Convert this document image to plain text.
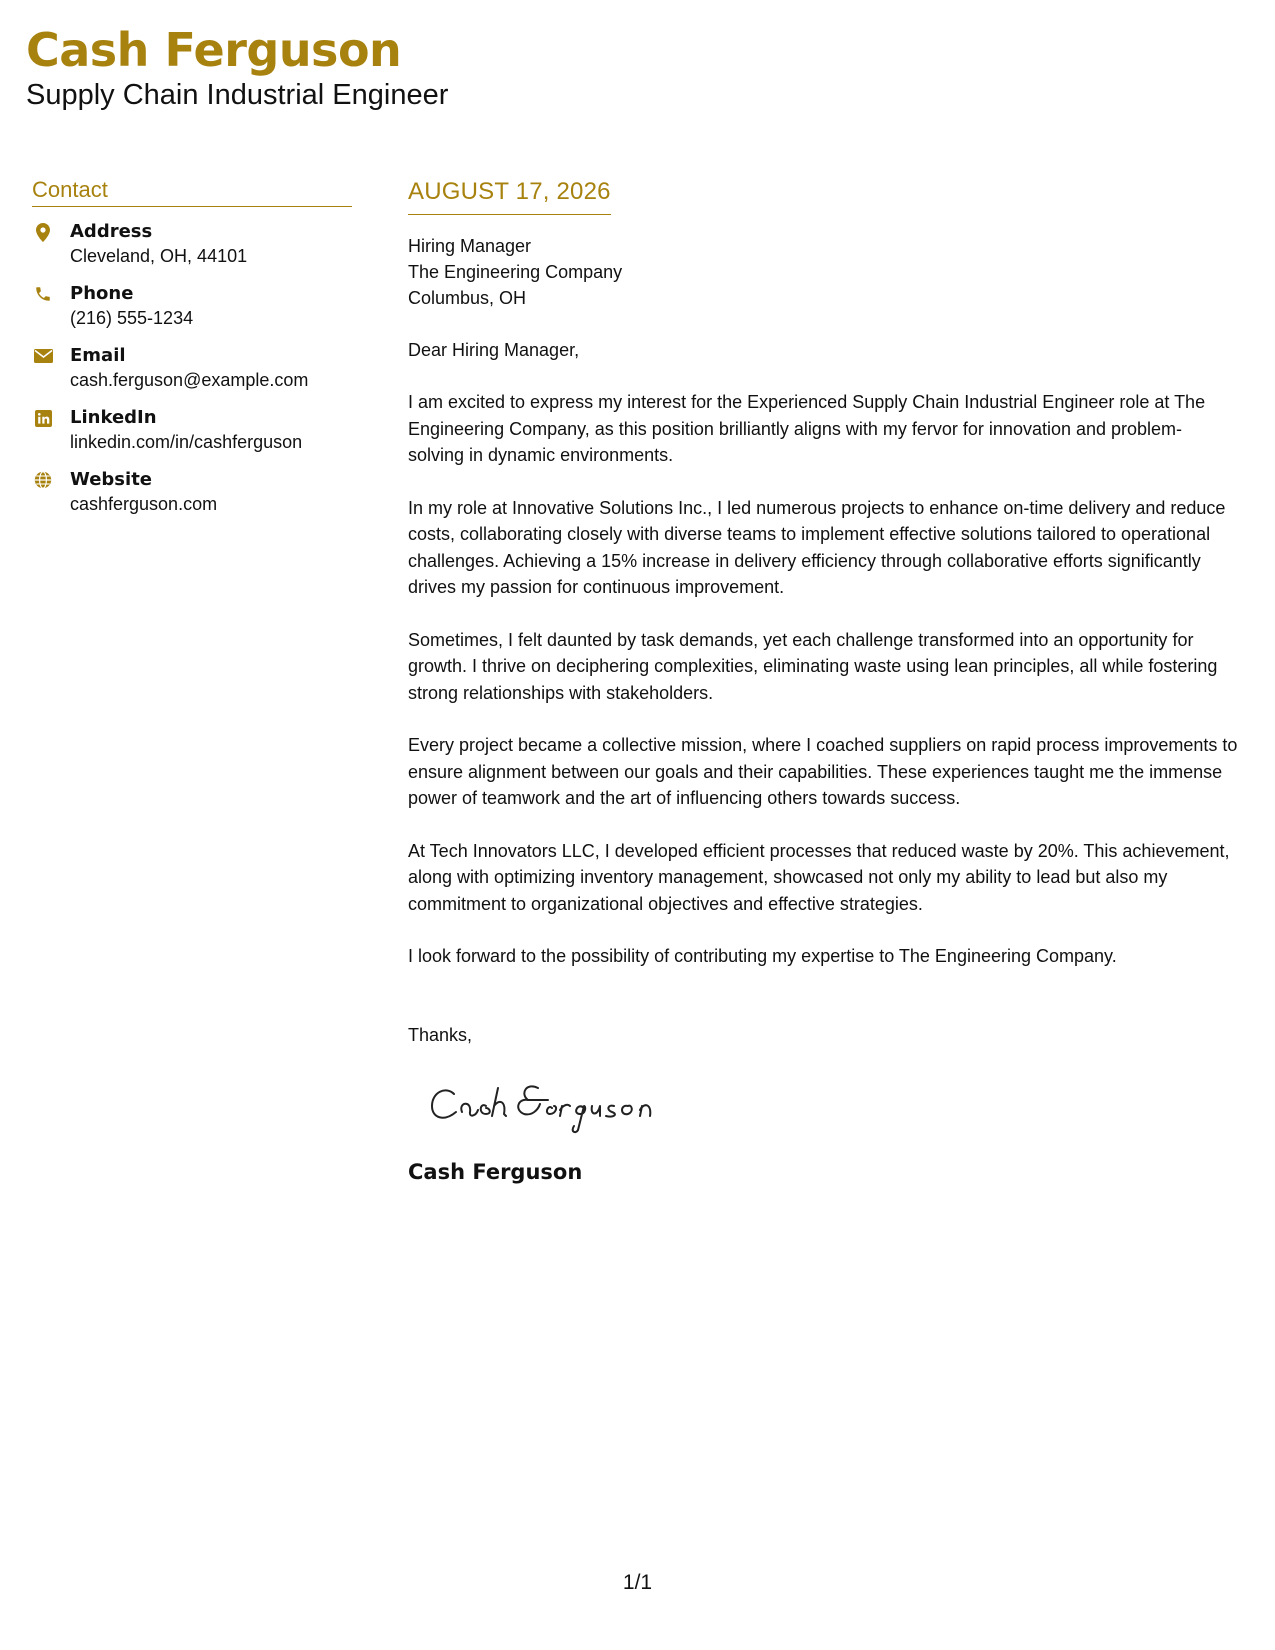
Cash Ferguson
Supply Chain Industrial Engineer
Contact
Address
Cleveland, OH, 44101
Phone
(216) 555-1234
Email
cash.ferguson@example.com
LinkedIn
linkedin.com/in/cashferguson
Website
cashferguson.com
AUGUST 17, 2026
Hiring Manager
The Engineering Company
Columbus, OH
Dear Hiring Manager,
I am excited to express my interest for the Experienced Supply Chain Industrial Engineer role at The Engineering Company, as this position brilliantly aligns with my fervor for innovation and problem-solving in dynamic environments.
In my role at Innovative Solutions Inc., I led numerous projects to enhance on-time delivery and reduce costs, collaborating closely with diverse teams to implement effective solutions tailored to operational challenges. Achieving a 15% increase in delivery efficiency through collaborative efforts significantly drives my passion for continuous improvement.
Sometimes, I felt daunted by task demands, yet each challenge transformed into an opportunity for growth. I thrive on deciphering complexities, eliminating waste using lean principles, all while fostering strong relationships with stakeholders.
Every project became a collective mission, where I coached suppliers on rapid process improvements to ensure alignment between our goals and their capabilities. These experiences taught me the immense power of teamwork and the art of influencing others towards success.
At Tech Innovators LLC, I developed efficient processes that reduced waste by 20%. This achievement, along with optimizing inventory management, showcased not only my ability to lead but also my commitment to organizational objectives and effective strategies.
I look forward to the possibility of contributing my expertise to The Engineering Company.
Thanks,
Cash Ferguson
1/1
